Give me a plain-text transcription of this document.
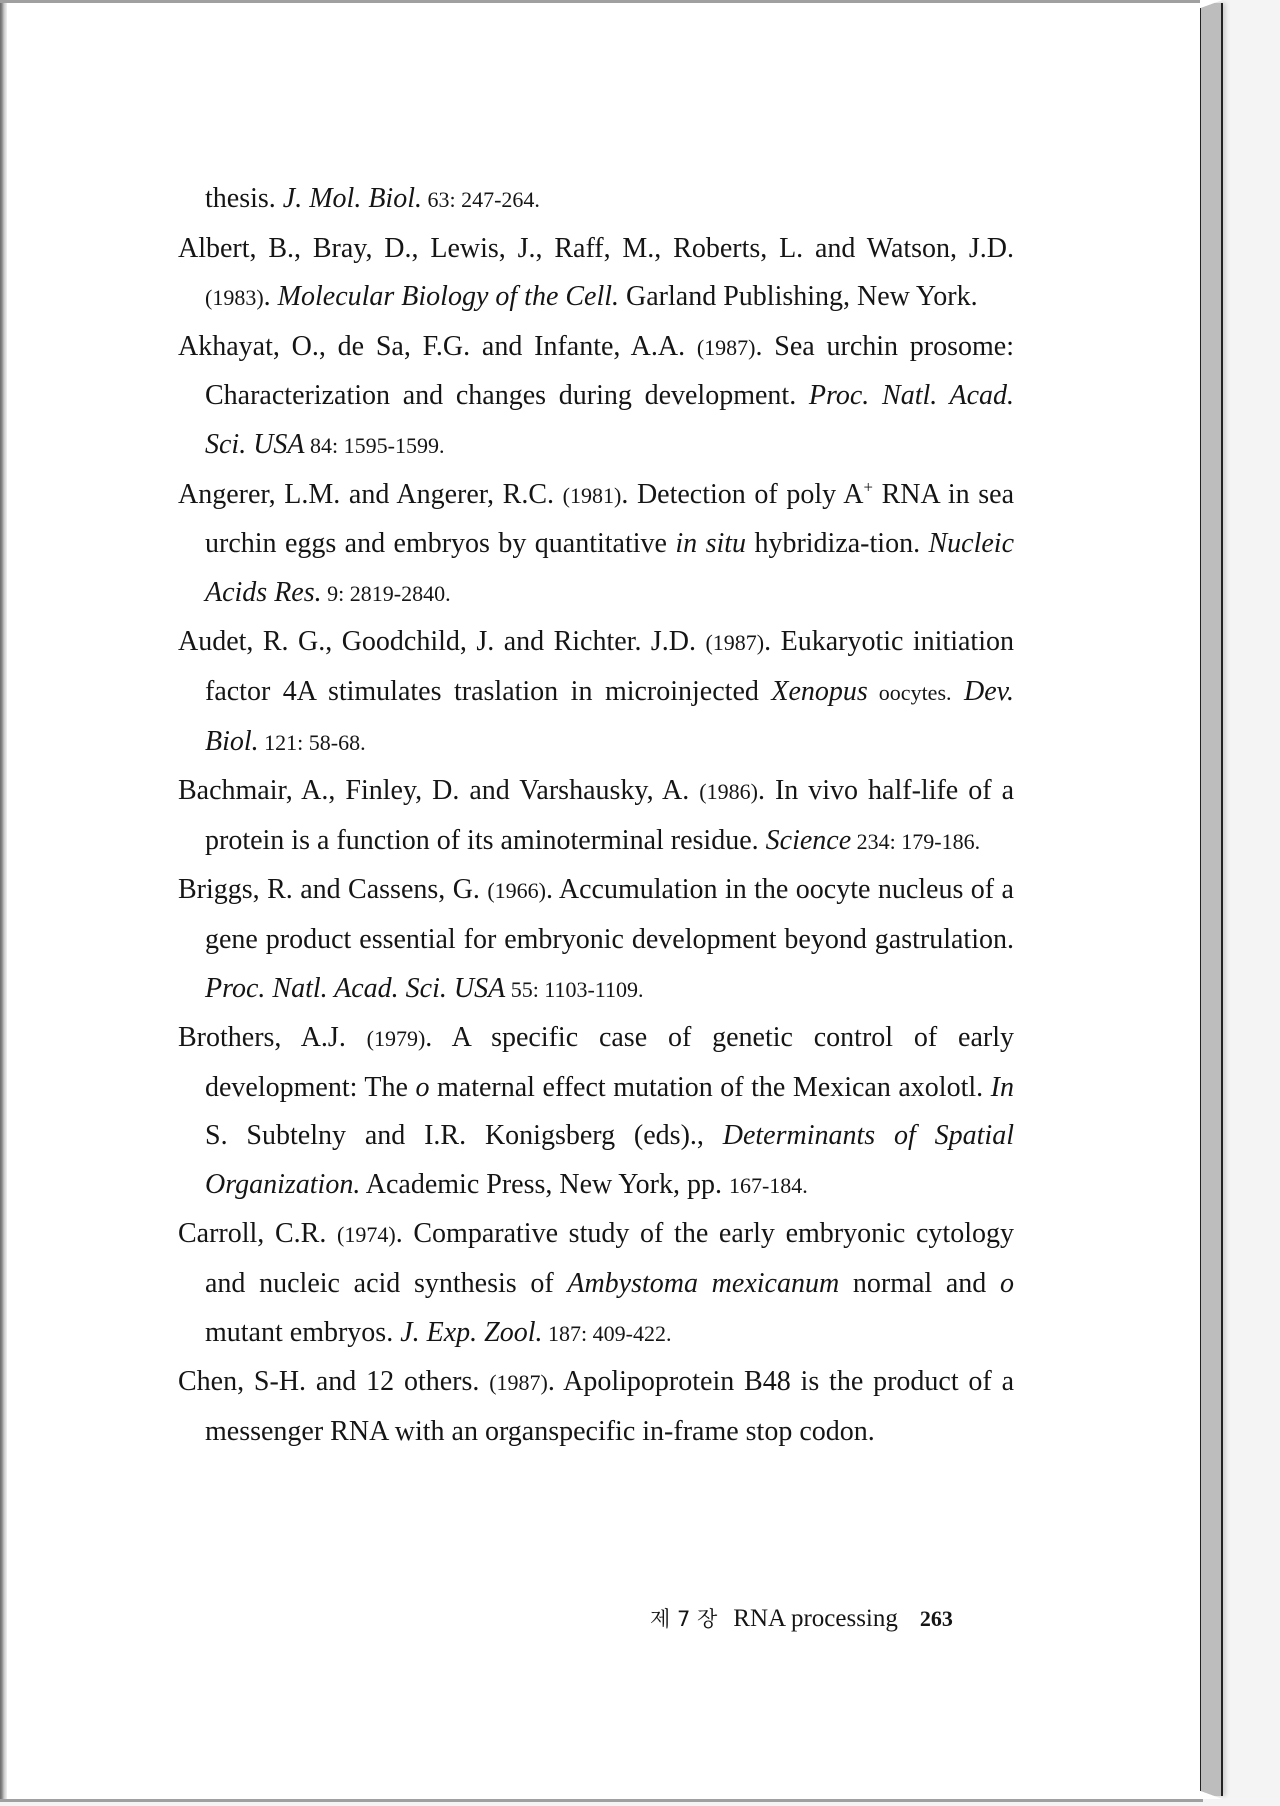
thesis. J. Mol. Biol. 63: 247-264.

Albert, B., Bray, D., Lewis, J., Raff, M., Roberts, L. and Watson, J.D. (1983). Molecular Biology of the Cell. Garland Publishing, New York.

Akhayat, O., de Sa, F.G. and Infante, A.A. (1987). Sea urchin prosome: Characterization and changes during development. Proc. Natl. Acad. Sci. USA 84: 1595-1599.

Angerer, L.M. and Angerer, R.C. (1981). Detection of poly A+ RNA in sea urchin eggs and embryos by quantitative in situ hybridiza-tion. Nucleic Acids Res. 9: 2819-2840.

Audet, R. G., Goodchild, J. and Richter. J.D. (1987). Eukaryotic initiation factor 4A stimulates traslation in microinjected Xenopus oocytes. Dev. Biol. 121: 58-68.

Bachmair, A., Finley, D. and Varshausky, A. (1986). In vivo half-life of a protein is a function of its aminoterminal residue. Science 234: 179-186.

Briggs, R. and Cassens, G. (1966). Accumulation in the oocyte nucleus of a gene product essential for embryonic development beyond gastrulation. Proc. Natl. Acad. Sci. USA 55: 1103-1109.

Brothers, A.J. (1979). A specific case of genetic control of early development: The o maternal effect mutation of the Mexican axolotl. In S. Subtelny and I.R. Konigsberg (eds)., Determinants of Spatial Organization. Academic Press, New York, pp. 167-184.

Carroll, C.R. (1974). Comparative study of the early embryonic cytology and nucleic acid synthesis of Ambystoma mexicanum normal and o mutant embryos. J. Exp. Zool. 187: 409-422.

Chen, S-H. and 12 others. (1987). Apolipoprotein B48 is the product of a messenger RNA with an organspecific in-frame stop codon.

제 7 장 RNA processing 263
